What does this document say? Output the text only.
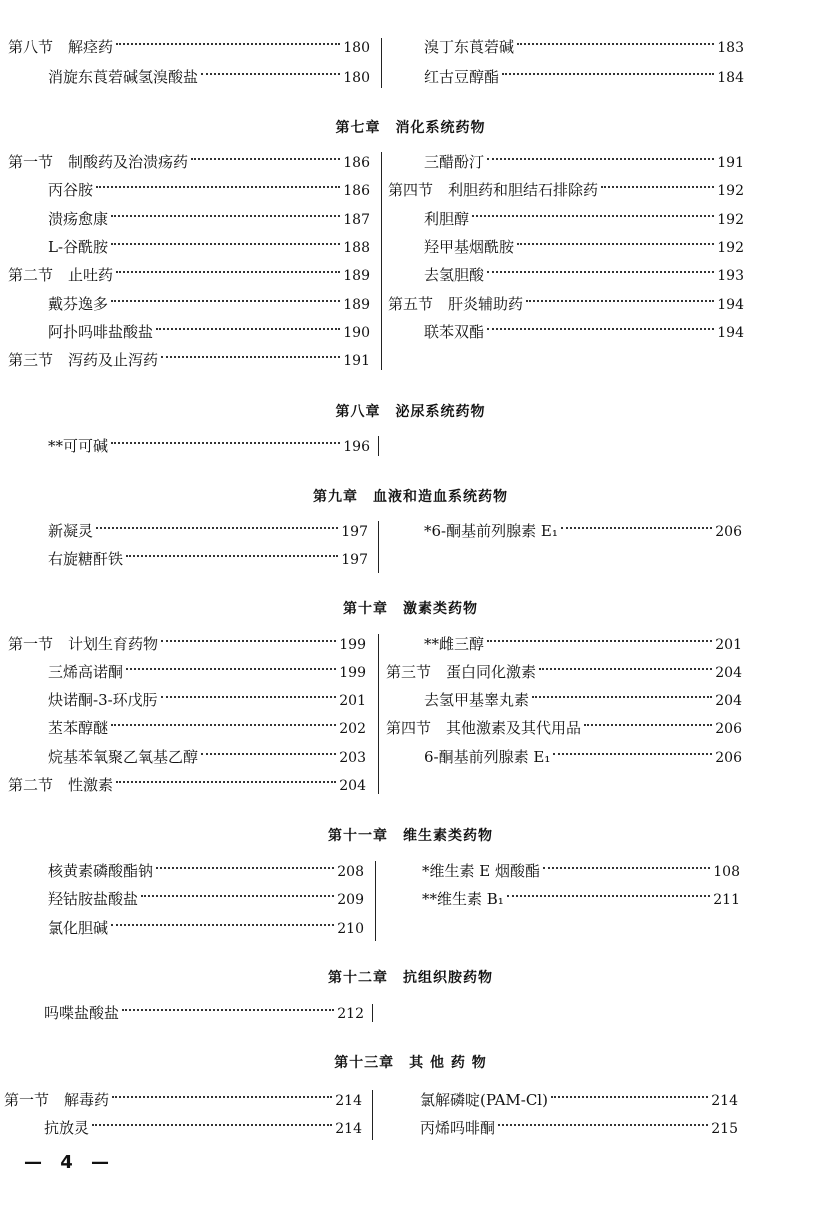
第八节　解痉药	180
消旋东莨菪碱氢溴酸盐	180
溴丁东莨菪碱	183
红古豆醇酯	184
第七章　消化系统药物
第一节　制酸药及治溃疡药	186
丙谷胺	186
溃疡愈康	187
L-谷酰胺	188
第二节　止吐药	189
戴芬逸多	189
阿扑吗啡盐酸盐	190
第三节　泻药及止泻药	191
三醋酚汀	191
第四节　利胆药和胆结石排除药	192
利胆醇	192
羟甲基烟酰胺	192
去氢胆酸	193
第五节　肝炎辅助药	194
联苯双酯	194
第八章　泌尿系统药物
**可可碱	196
第九章　血液和造血系统药物
新凝灵	197
右旋糖酐铁	197
*6-酮基前列腺素 E₁	206
第十章　激素类药物
第一节　计划生育药物	199
三烯高诺酮	199
炔诺酮-3-环戊肟	201
苤苯醇醚	202
烷基苯氧聚乙氧基乙醇	203
第二节　性激素	204
**雌三醇	201
第三节　蛋白同化激素	204
去氢甲基睾丸素	204
第四节　其他激素及其代用品	206
6-酮基前列腺素 E₁	206
第十一章　维生素类药物
核黄素磷酸酯钠	208
羟钴胺盐酸盐	209
氯化胆碱	210
*维生素 E 烟酸酯	108
**维生素 B₁	211
第十二章　抗组织胺药物
吗喋盐酸盐	212
第十三章　其 他 药 物
第一节　解毒药	214
抗放灵	214
氯解磷啶(PAM-Cl)	214
丙烯吗啡酮	215
— 4 —
